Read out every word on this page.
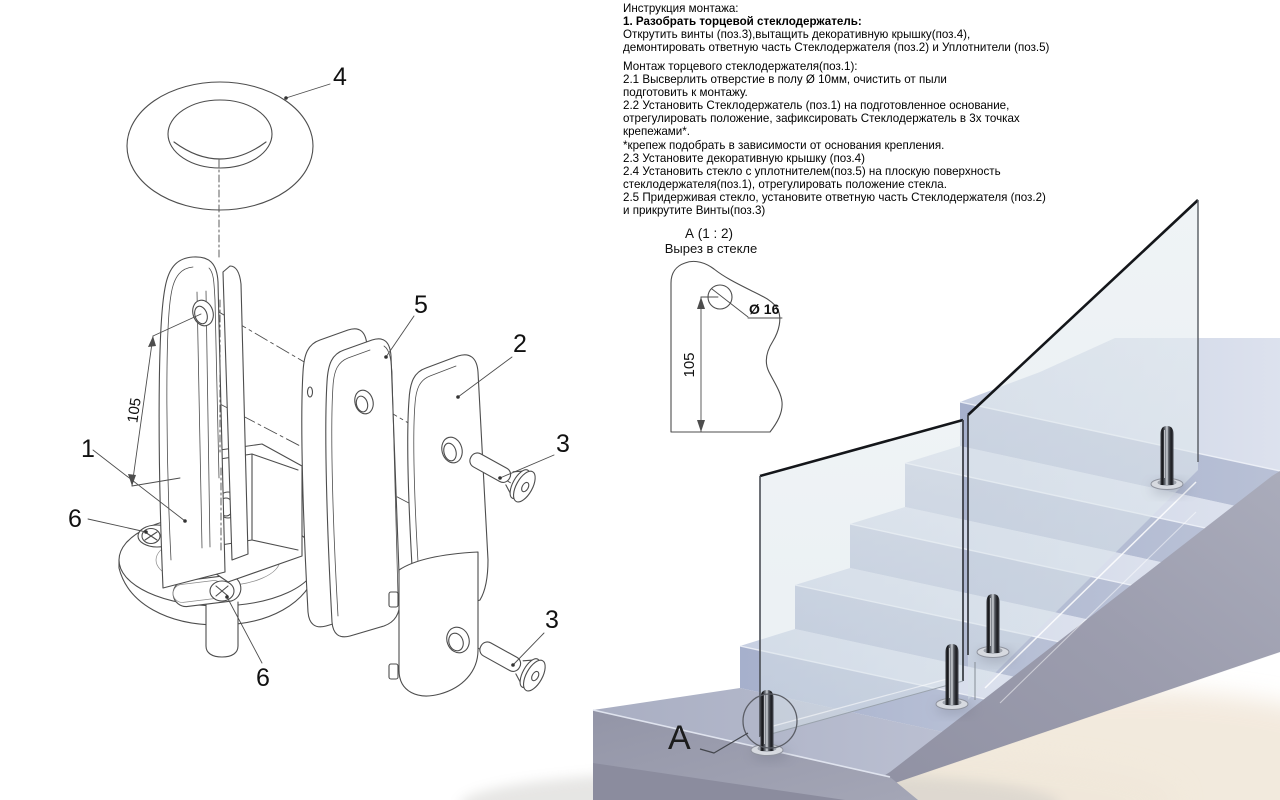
А
105
4
5
2
3
3
1
6
6
А (1 : 2)
Вырез в стекле
105
Ø 16
Инструкция монтажа:
1. Разобрать торцевой стеклодержатель:
Открутить винты (поз.3),вытащить декоративную крышку(поз.4),
демонтировать ответную часть Стеклодержателя (поз.2) и Уплотнители (поз.5)
Монтаж торцевого стеклодержателя(поз.1):
2.1 Высверлить отверстие в полу Ø 10мм, очистить от пыли
подготовить к монтажу.
2.2 Установить Стеклодержатель (поз.1) на подготовленное основание,
отрегулировать положение, зафиксировать Стеклодержатель в 3х точках
крепежами*.
*крепеж подобрать в зависимости от основания крепления.
2.3 Установите декоративную крышку (поз.4)
2.4 Установить стекло с уплотнителем(поз.5) на плоскую поверхность
стеклодержателя(поз.1), отрегулировать положение стекла.
2.5 Придерживая стекло, установите ответную часть Стеклодержателя (поз.2)
и прикрутите Винты(поз.3)
